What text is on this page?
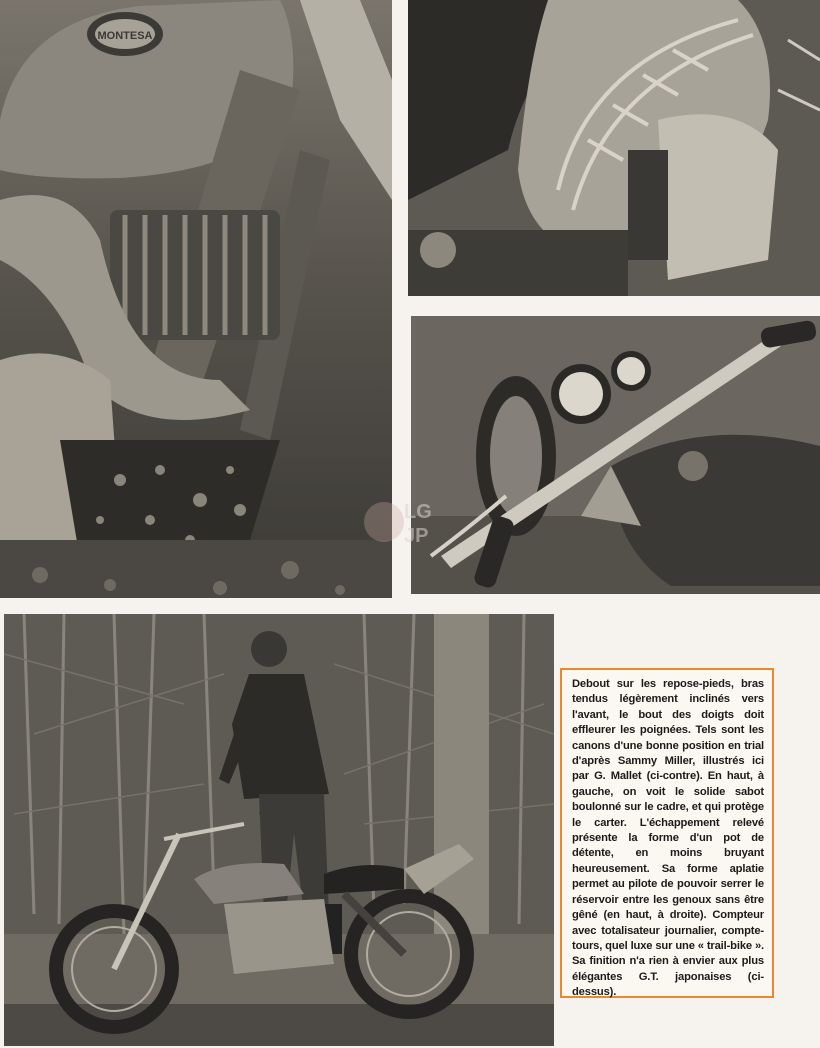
MONTESA
LG
JP

Debout sur les repose-pieds, bras tendus légèrement inclinés vers l'avant, le bout des doigts doit effleurer les poignées. Tels sont les canons d'une bonne position en trial d'après Sammy Miller, illustrés ici par G. Mallet (ci-contre). En haut, à gauche, on voit le solide sabot boulonné sur le cadre, et qui protège le carter. L'échappement relevé présente la forme d'un pot de détente, en moins bruyant heureusement. Sa forme aplatie permet au pilote de pouvoir serrer le réservoir entre les genoux sans être gêné (en haut, à droite). Compteur avec totalisateur journalier, compte-tours, quel luxe sur une « trail-bike ». Sa finition n'a rien à envier aux plus élégantes G.T. japonaises (ci-dessus).
